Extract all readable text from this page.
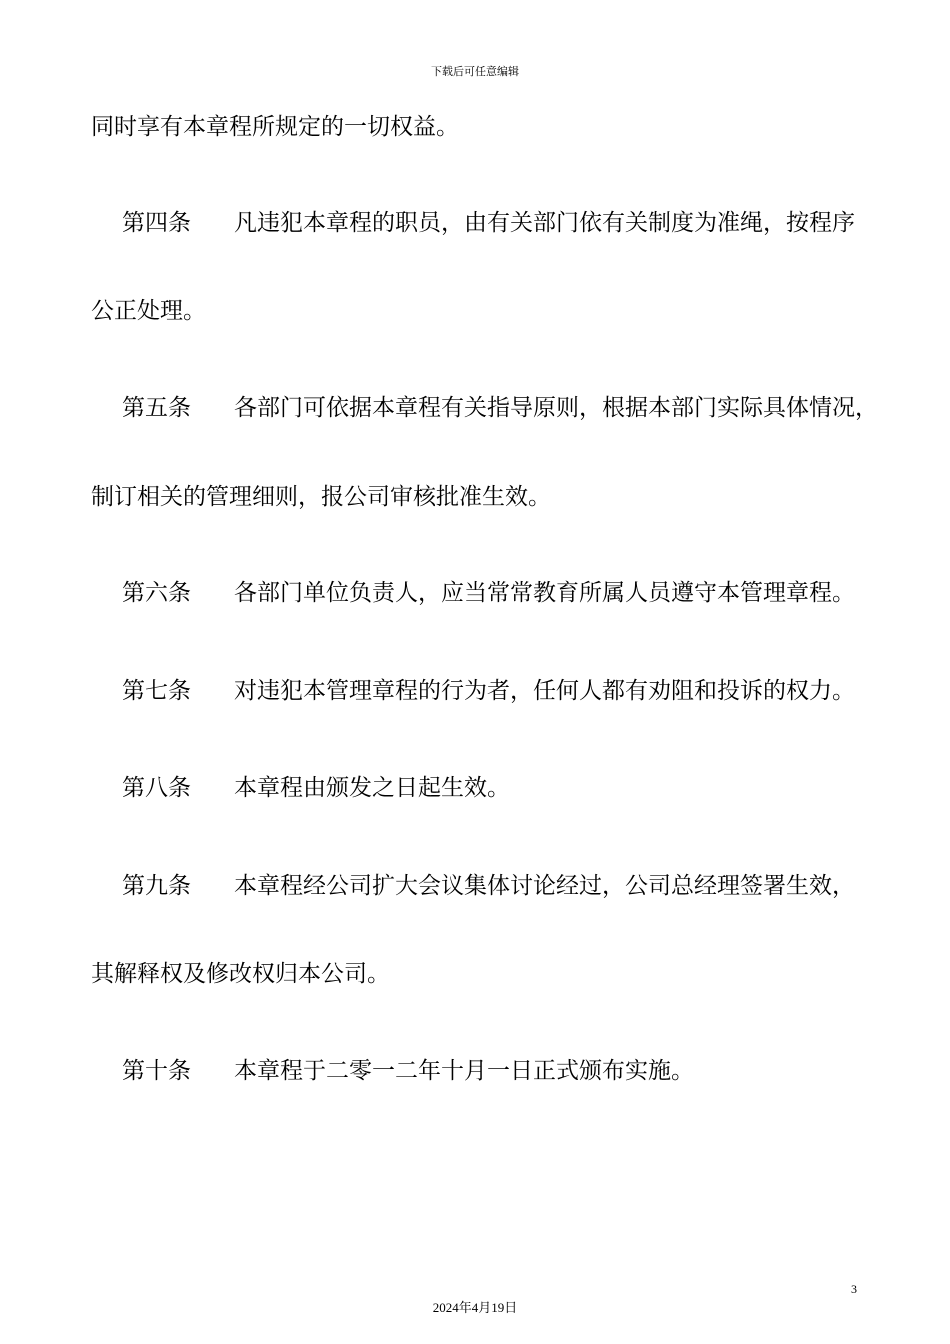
下载后可任意编辑
同时享有本章程所规定的一切权益。
第四条 凡违犯本章程的职员，由有关部门依有关制度为准绳，按程序
公正处理。
第五条 各部门可依据本章程有关指导原则，根据本部门实际具体情况，
制订相关的管理细则，报公司审核批准生效。
第六条 各部门单位负责人，应当常常教育所属人员遵守本管理章程。
第七条 对违犯本管理章程的行为者，任何人都有劝阻和投诉的权力。
第八条 本章程由颁发之日起生效。
第九条 本章程经公司扩大会议集体讨论经过，公司总经理签署生效，
其解释权及修改权归本公司。
第十条 本章程于二零一二年十月一日正式颁布实施。
3
2024年4月19日
